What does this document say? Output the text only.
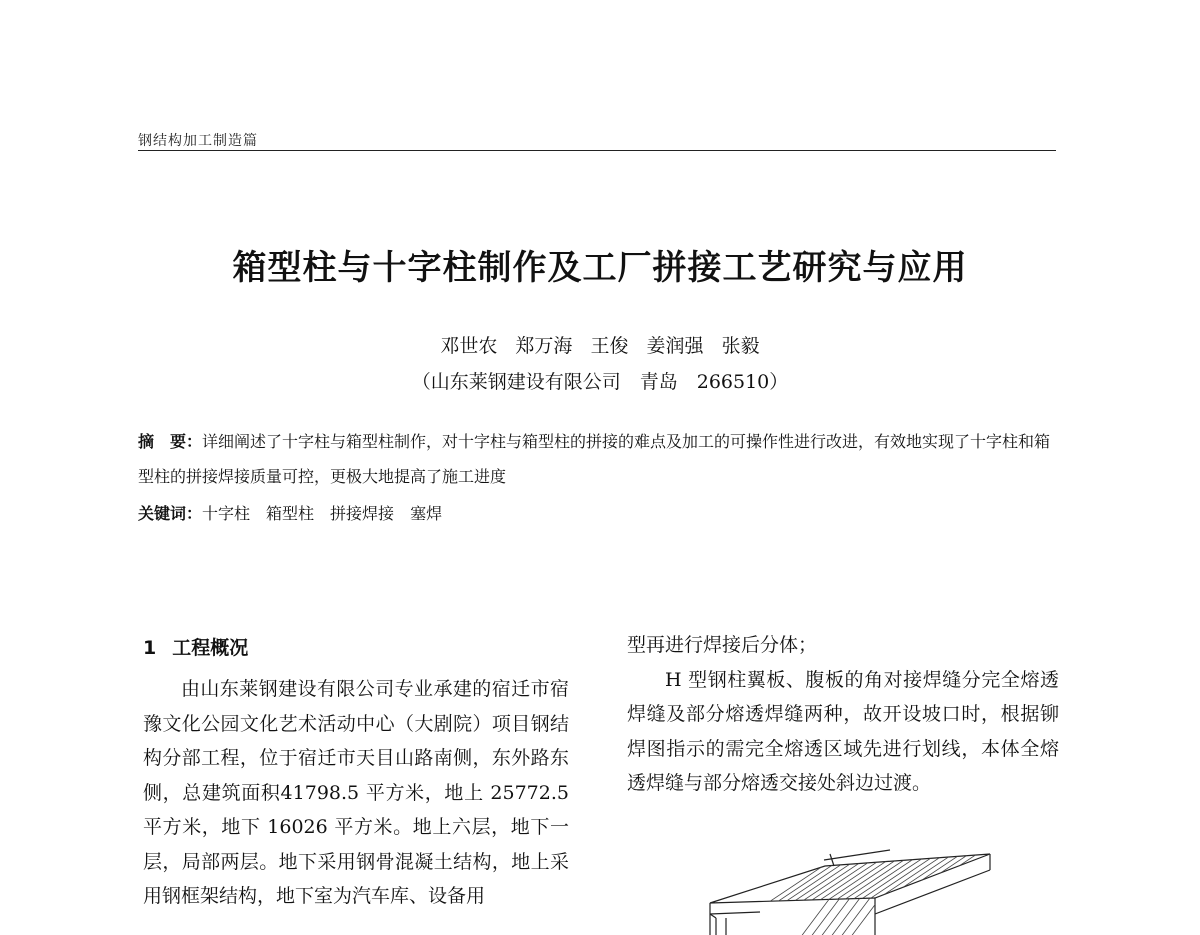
钢结构加工制造篇
箱型柱与十字柱制作及工厂拼接工艺研究与应用
邓世农 郑万海 王俊 姜润强 张毅
（山东莱钢建设有限公司　青岛　266510）
摘　要：详细阐述了十字柱与箱型柱制作，对十字柱与箱型柱的拼接的难点及加工的可操作性进行改进，有效地实现了十字柱和箱型柱的拼接焊接质量可控，更极大地提高了施工进度
关键词：十字柱 箱型柱 拼接焊接 塞焊
1 工程概况
由山东莱钢建设有限公司专业承建的宿迁市宿豫文化公园文化艺术活动中心（大剧院）项目钢结构分部工程，位于宿迁市天目山路南侧，东外路东侧，总建筑面积41798.5 平方米，地上 25772.5 平方米，地下 16026 平方米。地上六层，地下一层，局部两层。地下采用钢骨混凝土结构，地上采用钢框架结构，地下室为汽车库、设备用

型再进行焊接后分体；

H 型钢柱翼板、腹板的角对接焊缝分完全熔透焊缝及部分熔透焊缝两种，故开设坡口时，根据铆焊图指示的需完全熔透区域先进行划线，本体全熔透焊缝与部分熔透交接处斜边过渡。
